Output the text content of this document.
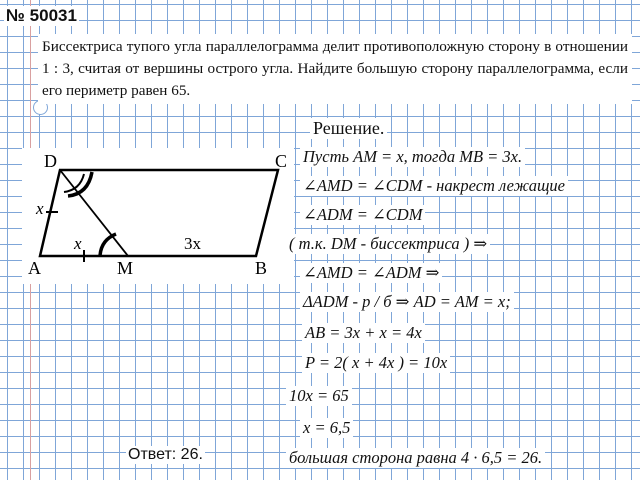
№ 50031
Биссектриса тупого угла параллелограмма делит противоположную сторону в отношении 1 : 3, считая от вершины острого угла. Найдите большую сторону параллелограмма, если его периметр равен 65.
D	C
A	M	B
x
x	3x
Решение.
Пусть AM = x, тогда MB = 3x.
∠AMD = ∠CDM - накрест лежащие
∠ADM = ∠CDM
( т.к. DM - биссектриса ) ⇒
∠AMD = ∠ADM ⇒
ΔADM - р / б ⇒ AD = AM = x;
AB = 3x + x = 4x
P = 2( x + 4x ) = 10x
10x = 65
x = 6,5
большая сторона равна 4 · 6,5 = 26.
Ответ: 26.
